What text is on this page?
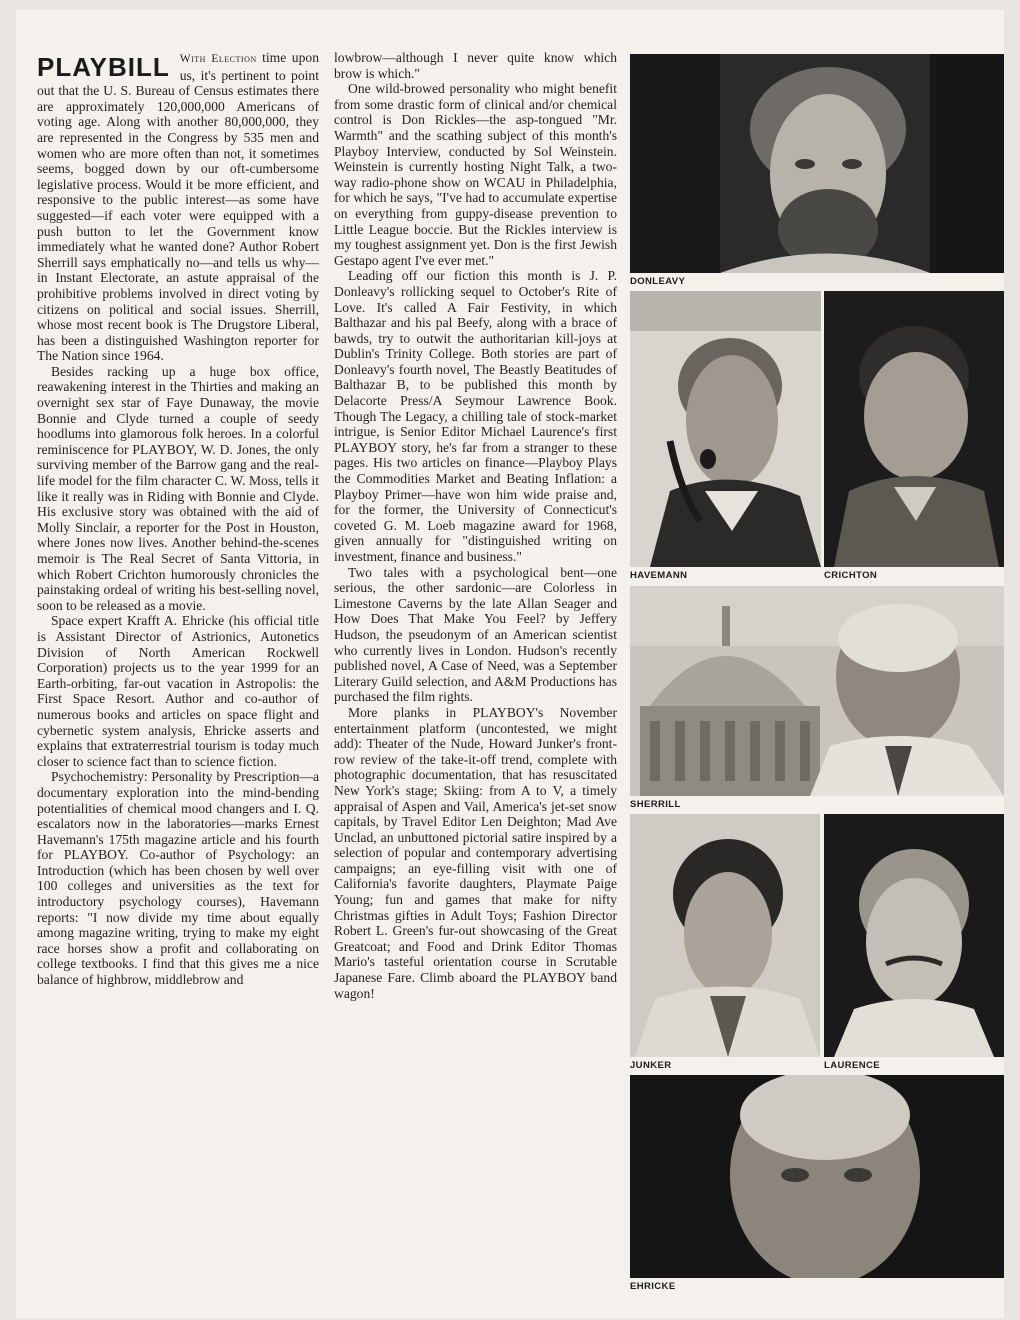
PLAYBILL With Election time upon us, it's pertinent to point out that the U. S. Bureau of Census estimates there are approximately 120,000,000 Americans of voting age. Along with another 80,000,000, they are represented in the Congress by 535 men and women who are more often than not, it sometimes seems, bogged down by our oft-cumbersome legislative process. Would it be more efficient, and responsive to the public interest—as some have suggested—if each voter were equipped with a push button to let the Government know immediately what he wanted done? Author Robert Sherrill says emphatically no—and tells us why—in Instant Electorate, an astute appraisal of the prohibitive problems involved in direct voting by citizens on political and social issues. Sherrill, whose most recent book is The Drugstore Liberal, has been a distinguished Washington reporter for The Nation since 1964.

Besides racking up a huge box office, reawakening interest in the Thirties and making an overnight sex star of Faye Dunaway, the movie Bonnie and Clyde turned a couple of seedy hoodlums into glamorous folk heroes. In a colorful reminiscence for PLAYBOY, W. D. Jones, the only surviving member of the Barrow gang and the real-life model for the film character C. W. Moss, tells it like it really was in Riding with Bonnie and Clyde. His exclusive story was obtained with the aid of Molly Sinclair, a reporter for the Post in Houston, where Jones now lives. Another behind-the-scenes memoir is The Real Secret of Santa Vittoria, in which Robert Crichton humorously chronicles the painstaking ordeal of writing his best-selling novel, soon to be released as a movie.

Space expert Krafft A. Ehricke (his official title is Assistant Director of Astrionics, Autonetics Division of North American Rockwell Corporation) projects us to the year 1999 for an Earth-orbiting, far-out vacation in Astropolis: the First Space Resort. Author and co-author of numerous books and articles on space flight and cybernetic system analysis, Ehricke asserts and explains that extraterrestrial tourism is today much closer to science fact than to science fiction.

Psychochemistry: Personality by Prescription—a documentary exploration into the mind-bending potentialities of chemical mood changers and I. Q. escalators now in the laboratories—marks Ernest Havemann's 175th magazine article and his fourth for PLAYBOY. Co-author of Psychology: an Introduction (which has been chosen by well over 100 colleges and universities as the text for introductory psychology courses), Havemann reports: "I now divide my time about equally among magazine writing, trying to make my eight race horses show a profit and collaborating on college textbooks. I find that this gives me a nice balance of highbrow, middlebrow and

lowbrow—although I never quite know which brow is which."

One wild-browed personality who might benefit from some drastic form of clinical and/or chemical control is Don Rickles—the asp-tongued "Mr. Warmth" and the scathing subject of this month's Playboy Interview, conducted by Sol Weinstein. Weinstein is currently hosting Night Talk, a two-way radio-phone show on WCAU in Philadelphia, for which he says, "I've had to accumulate expertise on everything from guppy-disease prevention to Little League boccie. But the Rickles interview is my toughest assignment yet. Don is the first Jewish Gestapo agent I've ever met."

Leading off our fiction this month is J. P. Donleavy's rollicking sequel to October's Rite of Love. It's called A Fair Festivity, in which Balthazar and his pal Beefy, along with a brace of bawds, try to outwit the authoritarian kill-joys at Dublin's Trinity College. Both stories are part of Donleavy's fourth novel, The Beastly Beatitudes of Balthazar B, to be published this month by Delacorte Press/A Seymour Lawrence Book. Though The Legacy, a chilling tale of stock-market intrigue, is Senior Editor Michael Laurence's first PLAYBOY story, he's far from a stranger to these pages. His two articles on finance—Playboy Plays the Commodities Market and Beating Inflation: a Playboy Primer—have won him wide praise and, for the former, the University of Connecticut's coveted G. M. Loeb magazine award for 1968, given annually for "distinguished writing on investment, finance and business."

Two tales with a psychological bent—one serious, the other sardonic—are Colorless in Limestone Caverns by the late Allan Seager and How Does That Make You Feel? by Jeffery Hudson, the pseudonym of an American scientist who currently lives in London. Hudson's recently published novel, A Case of Need, was a September Literary Guild selection, and A&M Productions has purchased the film rights.

More planks in PLAYBOY's November entertainment platform (uncontested, we might add): Theater of the Nude, Howard Junker's front-row review of the take-it-off trend, complete with photographic documentation, that has resuscitated New York's stage; Skiing: from A to V, a timely appraisal of Aspen and Vail, America's jet-set snow capitals, by Travel Editor Len Deighton; Mad Ave Unclad, an unbuttoned pictorial satire inspired by a selection of popular and contemporary advertising campaigns; an eye-filling visit with one of California's favorite daughters, Playmate Paige Young; fun and games that make for nifty Christmas gifties in Adult Toys; Fashion Director Robert L. Green's fur-out showcasing of the Great Greatcoat; and Food and Drink Editor Thomas Mario's tasteful orientation course in Scrutable Japanese Fare. Climb aboard the PLAYBOY band wagon!

DONLEAVY
HAVEMANN	CRICHTON
SHERRILL
JUNKER	LAURENCE
EHRICKE
